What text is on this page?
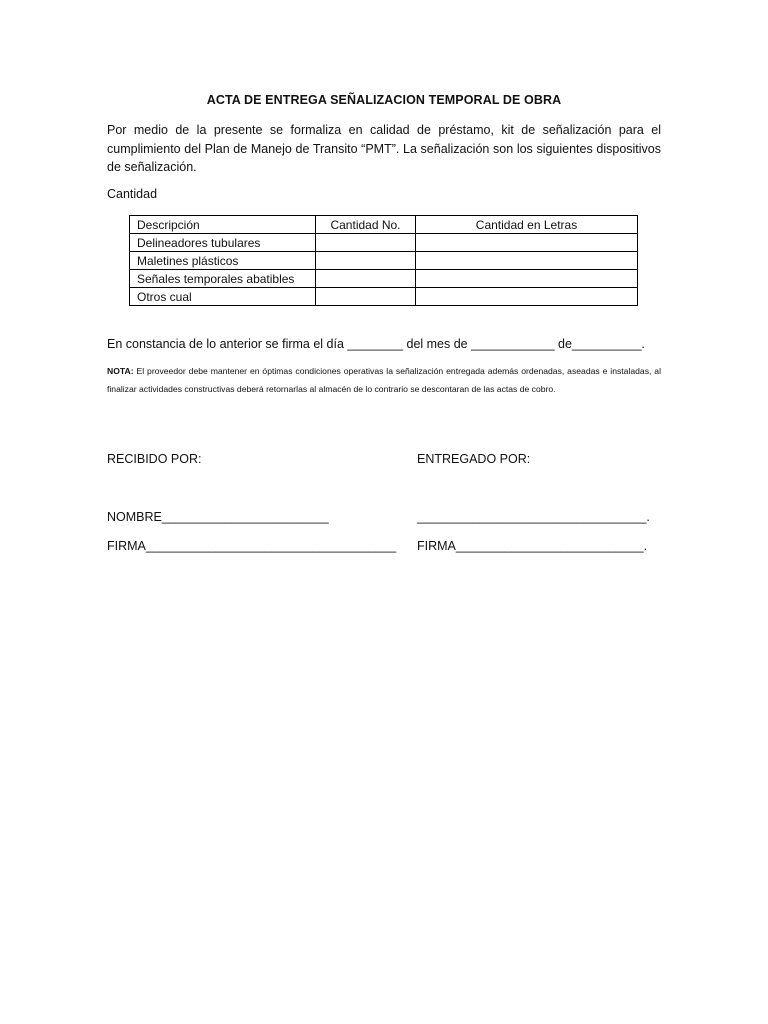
ACTA DE ENTREGA SEÑALIZACION TEMPORAL DE OBRA
Por medio de la presente se formaliza en calidad de préstamo, kit de señalización para el cumplimiento del Plan de Manejo de Transito “PMT”. La señalización son los siguientes dispositivos de señalización.
Cantidad
Descripción	Cantidad No.	Cantidad en Letras
Delineadores tubulares		
Maletines plásticos		
Señales temporales abatibles		
Otros cual		
En constancia de lo anterior se firma el día ________ del mes de ____________ de__________.
NOTA: El proveedor debe mantener en óptimas condiciones operativas la señalización entregada además ordenadas, aseadas e instaladas, al finalizar actividades constructivas deberá retornarlas al almacén de lo contrario se descontaran de las actas de cobro.
RECIBIDO POR:	ENTREGADO POR:
NOMBRE________________________	_________________________________.
FIRMA____________________________________ FIRMA___________________________.
